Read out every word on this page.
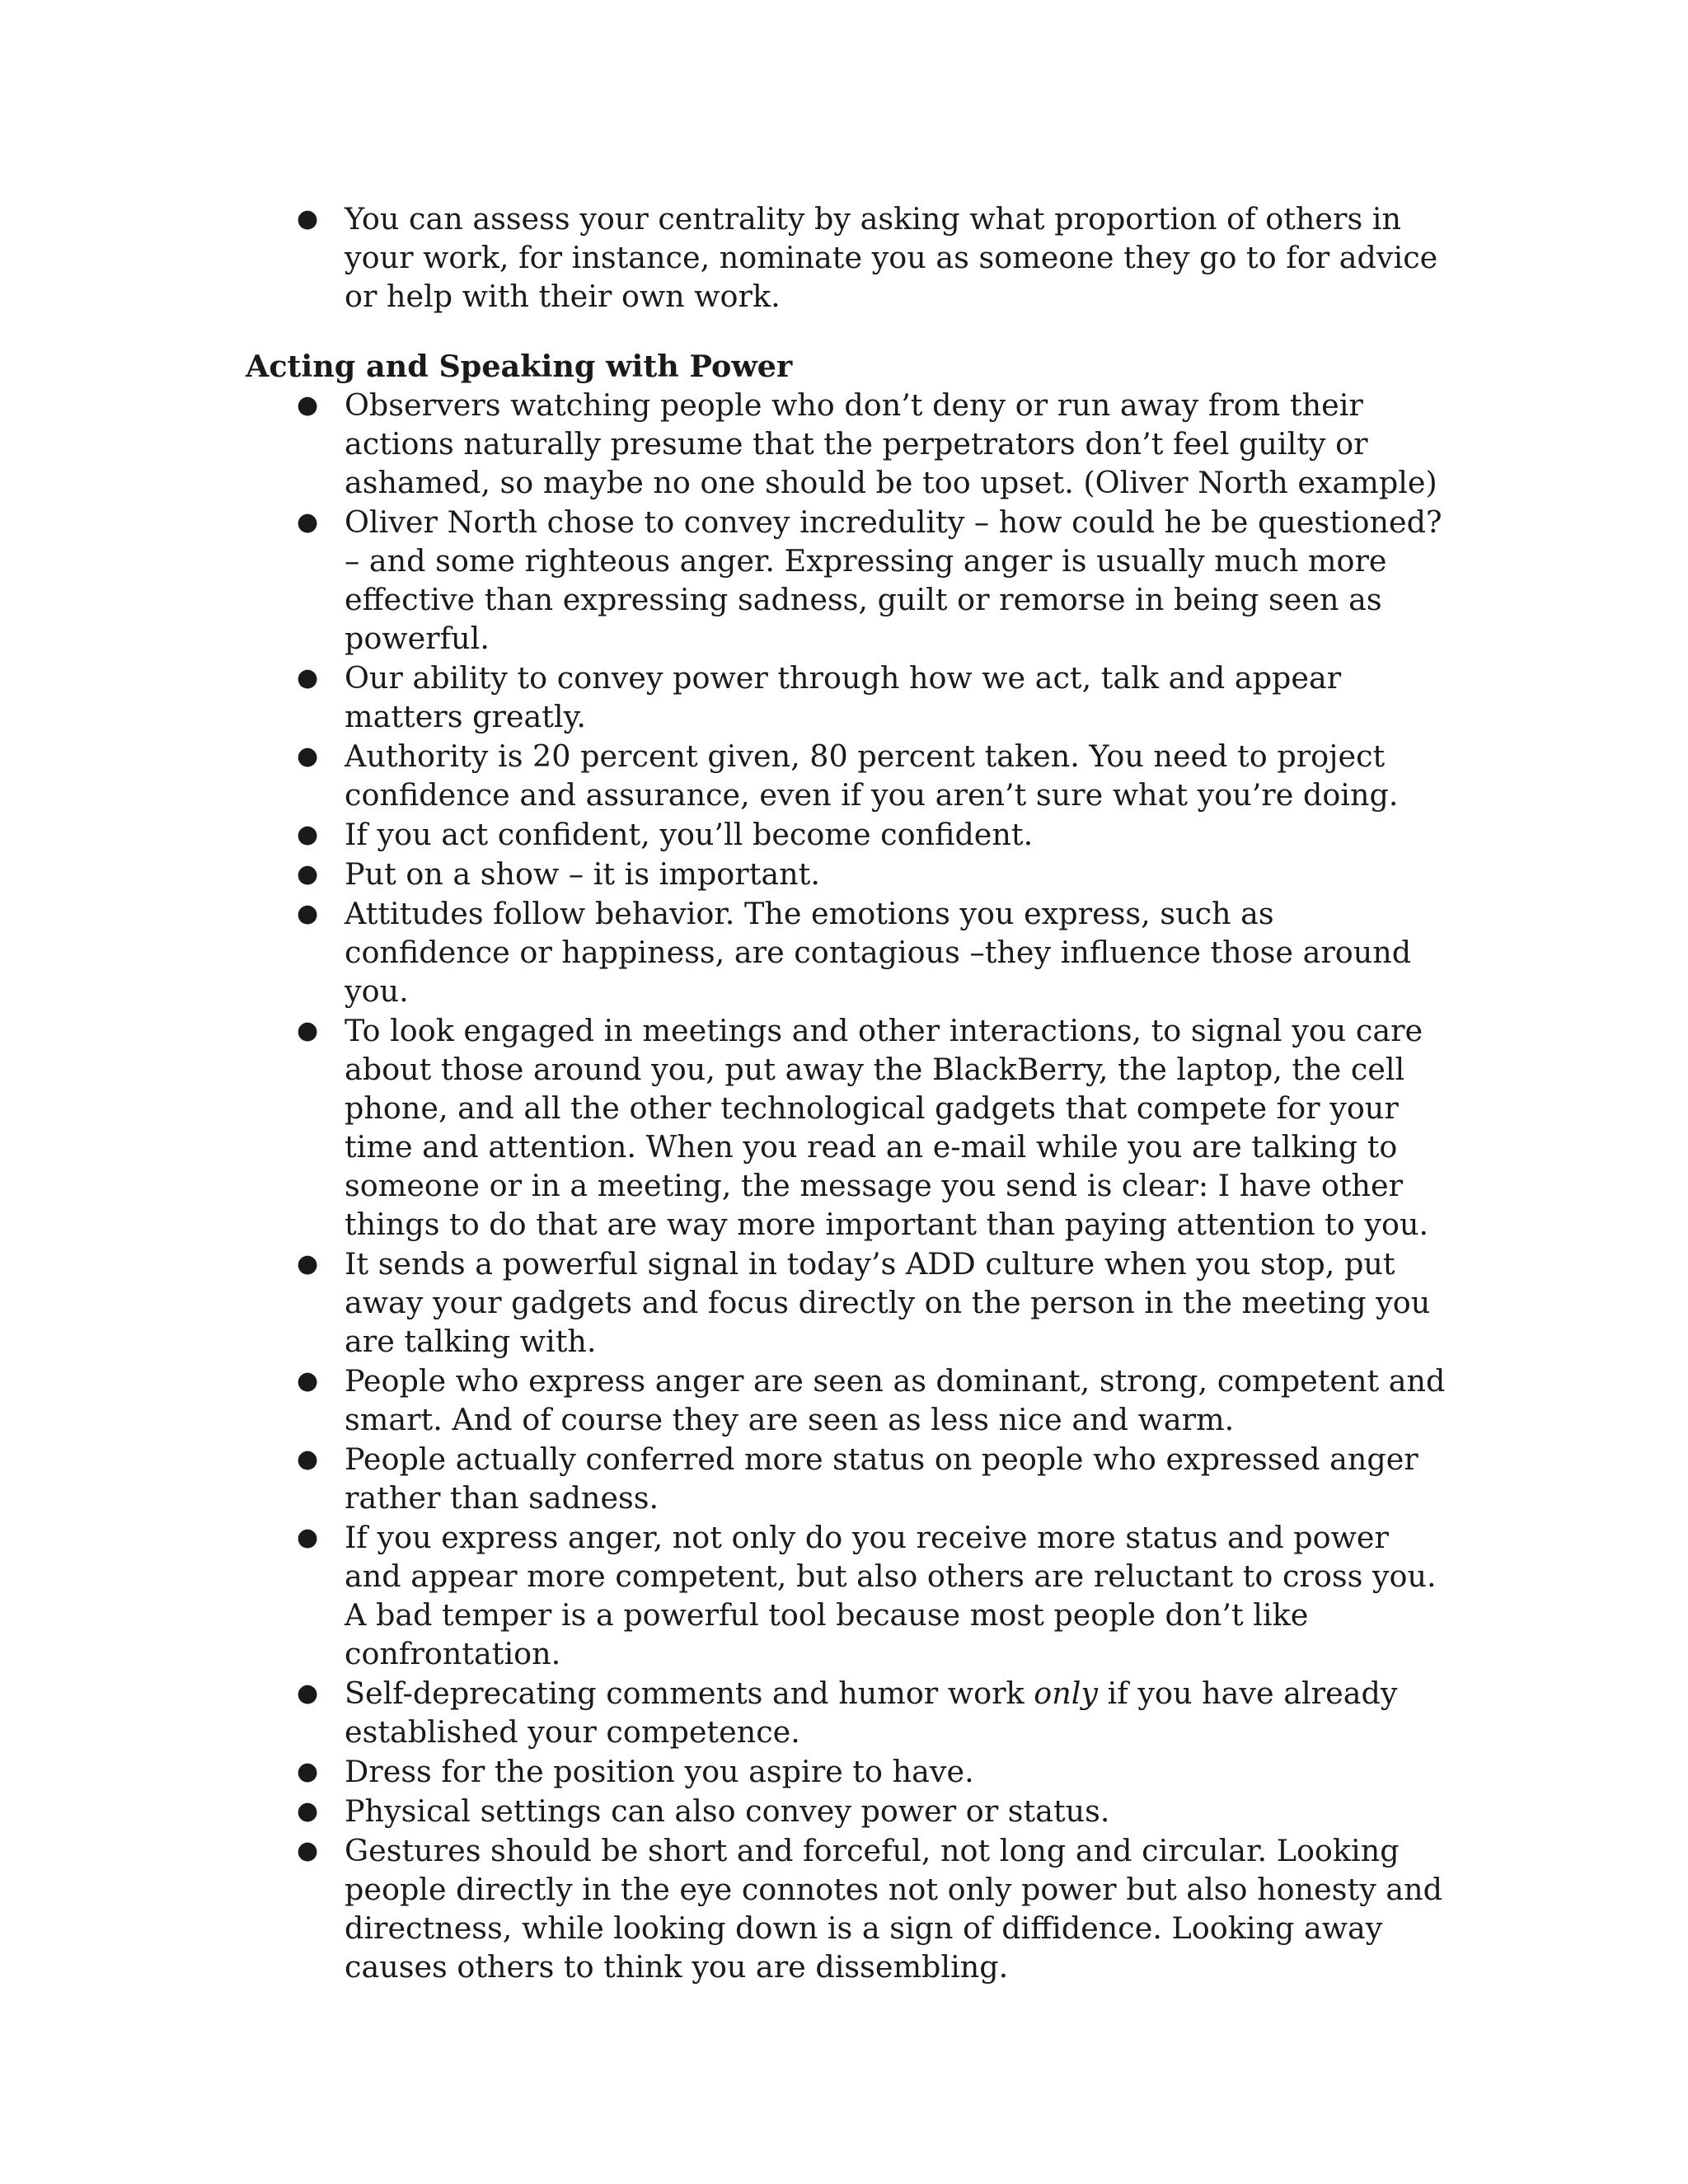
● You can assess your centrality by asking what proportion of others in your work, for instance, nominate you as someone they go to for advice or help with their own work.
Acting and Speaking with Power
● Observers watching people who don’t deny or run away from their actions naturally presume that the perpetrators don’t feel guilty or ashamed, so maybe no one should be too upset. (Oliver North example)
● Oliver North chose to convey incredulity – how could he be questioned? – and some righteous anger. Expressing anger is usually much more effective than expressing sadness, guilt or remorse in being seen as powerful.
● Our ability to convey power through how we act, talk and appear matters greatly.
● Authority is 20 percent given, 80 percent taken. You need to project confidence and assurance, even if you aren’t sure what you’re doing.
● If you act confident, you’ll become confident.
● Put on a show – it is important.
● Attitudes follow behavior. The emotions you express, such as confidence or happiness, are contagious –they influence those around you.
● To look engaged in meetings and other interactions, to signal you care about those around you, put away the BlackBerry, the laptop, the cell phone, and all the other technological gadgets that compete for your time and attention. When you read an e-mail while you are talking to someone or in a meeting, the message you send is clear: I have other things to do that are way more important than paying attention to you.
● It sends a powerful signal in today’s ADD culture when you stop, put away your gadgets and focus directly on the person in the meeting you are talking with.
● People who express anger are seen as dominant, strong, competent and smart. And of course they are seen as less nice and warm.
● People actually conferred more status on people who expressed anger rather than sadness.
● If you express anger, not only do you receive more status and power and appear more competent, but also others are reluctant to cross you. A bad temper is a powerful tool because most people don’t like confrontation.
● Self-deprecating comments and humor work only if you have already established your competence.
● Dress for the position you aspire to have.
● Physical settings can also convey power or status.
● Gestures should be short and forceful, not long and circular. Looking people directly in the eye connotes not only power but also honesty and directness, while looking down is a sign of diffidence. Looking away causes others to think you are dissembling.
